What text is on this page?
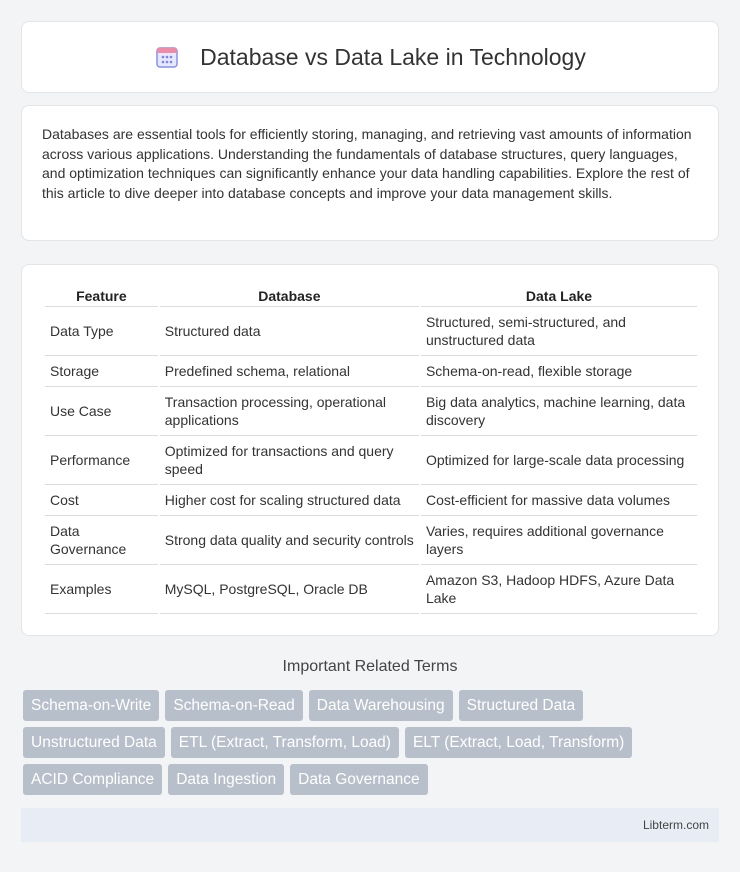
Database vs Data Lake in Technology

Databases are essential tools for efficiently storing, managing, and retrieving vast amounts of information across various applications. Understanding the fundamentals of database structures, query languages, and optimization techniques can significantly enhance your data handling capabilities. Explore the rest of this article to dive deeper into database concepts and improve your data management skills.

Feature	Database	Data Lake
Data Type	Structured data	Structured, semi-structured, and unstructured data
Storage	Predefined schema, relational	Schema-on-read, flexible storage
Use Case	Transaction processing, operational applications	Big data analytics, machine learning, data discovery
Performance	Optimized for transactions and query speed	Optimized for large-scale data processing
Cost	Higher cost for scaling structured data	Cost-efficient for massive data volumes
Data Governance	Strong data quality and security controls	Varies, requires additional governance layers
Examples	MySQL, PostgreSQL, Oracle DB	Amazon S3, Hadoop HDFS, Azure Data Lake
Important Related Terms
Schema-on-Write	Schema-on-Read	Data Warehousing	Structured Data
Unstructured Data	ETL (Extract, Transform, Load)	ELT (Extract, Load, Transform)
ACID Compliance	Data Ingestion	Data Governance
Libterm.com
